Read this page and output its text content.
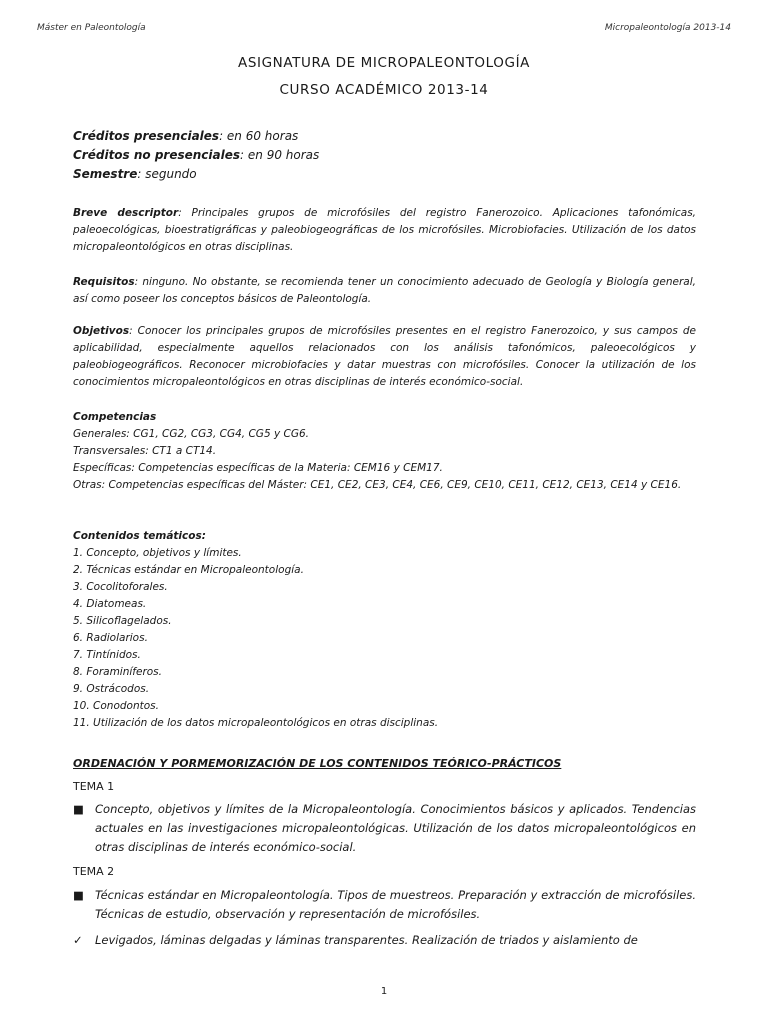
Máster en Paleontología	Micropaleontología 2013-14
ASIGNATURA DE MICROPALEONTOLOGÍA
CURSO ACADÉMICO 2013-14
Créditos presenciales: en 60 horas
Créditos no presenciales: en 90 horas
Semestre: segundo
Breve descriptor: Principales grupos de microfósiles del registro Fanerozoico. Aplicaciones tafonómicas, paleoecológicas, bioestratigráficas y paleobiogeográficas de los microfósiles. Microbiofacies. Utilización de los datos micropaleontológicos en otras disciplinas.
Requisitos: ninguno. No obstante, se recomienda tener un conocimiento adecuado de Geología y Biología general, así como poseer los conceptos básicos de Paleontología.
Objetivos: Conocer los principales grupos de microfósiles presentes en el registro Fanerozoico, y sus campos de aplicabilidad, especialmente aquellos relacionados con los análisis tafonómicos, paleoecológicos y paleobiogeográficos. Reconocer microbiofacies y datar muestras con microfósiles. Conocer la utilización de los conocimientos micropaleontológicos en otras disciplinas de interés económico-social.
Competencias
Generales: CG1, CG2, CG3, CG4, CG5 y CG6.
Transversales: CT1 a CT14.
Específicas: Competencias específicas de la Materia: CEM16 y CEM17.
Otras: Competencias específicas del Máster: CE1, CE2, CE3, CE4, CE6, CE9, CE10, CE11, CE12, CE13, CE14 y CE16.
Contenidos temáticos:
1. Concepto, objetivos y límites.
2. Técnicas estándar en Micropaleontología.
3. Cocolitoforales.
4. Diatomeas.
5. Silicoflagelados.
6. Radiolarios.
7. Tintínidos.
8. Foraminíferos.
9. Ostrácodos.
10. Conodontos.
11. Utilización de los datos micropaleontológicos en otras disciplinas.
ORDENACIÓN Y PORMEMORIZACIÓN DE LOS CONTENIDOS TEÓRICO-PRÁCTICOS
TEMA 1
■ Concepto, objetivos y límites de la Micropaleontología. Conocimientos básicos y aplicados. Tendencias actuales en las investigaciones micropaleontológicas. Utilización de los datos micropaleontológicos en otras disciplinas de interés económico-social.
TEMA 2
■ Técnicas estándar en Micropaleontología. Tipos de muestreos. Preparación y extracción de microfósiles. Técnicas de estudio, observación y representación de microfósiles.
✓ Levigados, láminas delgadas y láminas transparentes. Realización de triados y aislamiento de
1
